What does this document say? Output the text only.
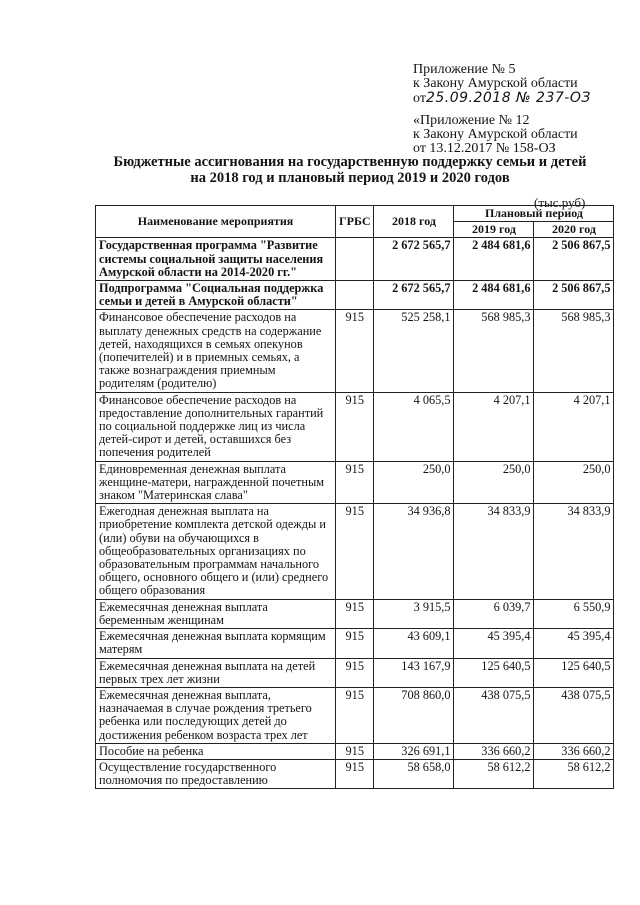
Приложение № 5
к Закону Амурской области
от25.09.2018 № 237-ОЗ
«Приложение № 12
к Закону Амурской области
от 13.12.2017 № 158-ОЗ
Бюджетные ассигнования на государственную поддержку семьи и детей
на 2018 год и плановый период 2019 и 2020 годов
(тыс.руб)
Наименование мероприятия	ГРБС	2018 год	Плановый период	
			2019 год	2020 год
Государственная программа "Развитие системы социальной защиты населения Амурской области на 2014-2020 гг."		2 672 565,7	2 484 681,6	2 506 867,5
Подпрограмма "Социальная поддержка семьи и детей в Амурской области"		2 672 565,7	2 484 681,6	2 506 867,5
Финансовое обеспечение расходов на выплату денежных средств на содержание детей, находящихся в семьях опекунов (попечителей) и в приемных семьях, а также вознаграждения приемным родителям (родителю)	915	525 258,1	568 985,3	568 985,3
Финансовое обеспечение расходов на предоставление дополнительных гарантий по социальной поддержке лиц из числа детей-сирот и детей, оставшихся без попечения родителей	915	4 065,5	4 207,1	4 207,1
Единовременная денежная выплата женщине-матери, награжденной почетным знаком "Материнская слава"	915	250,0	250,0	250,0
Ежегодная денежная выплата на приобретение комплекта детской одежды и (или) обуви на обучающихся в общеобразовательных организациях по образовательным программам начального общего, основного общего и (или) среднего общего образования	915	34 936,8	34 833,9	34 833,9
Ежемесячная денежная выплата беременным женщинам	915	3 915,5	6 039,7	6 550,9
Ежемесячная денежная выплата кормящим матерям	915	43 609,1	45 395,4	45 395,4
Ежемесячная денежная выплата на детей первых трех лет жизни	915	143 167,9	125 640,5	125 640,5
Ежемесячная денежная выплата, назначаемая в случае рождения третьего ребенка или последующих детей до достижения ребенком возраста трех лет	915	708 860,0	438 075,5	438 075,5
Пособие на ребенка	915	326 691,1	336 660,2	336 660,2
Осуществление государственного полномочия по предоставлению	915	58 658,0	58 612,2	58 612,2
